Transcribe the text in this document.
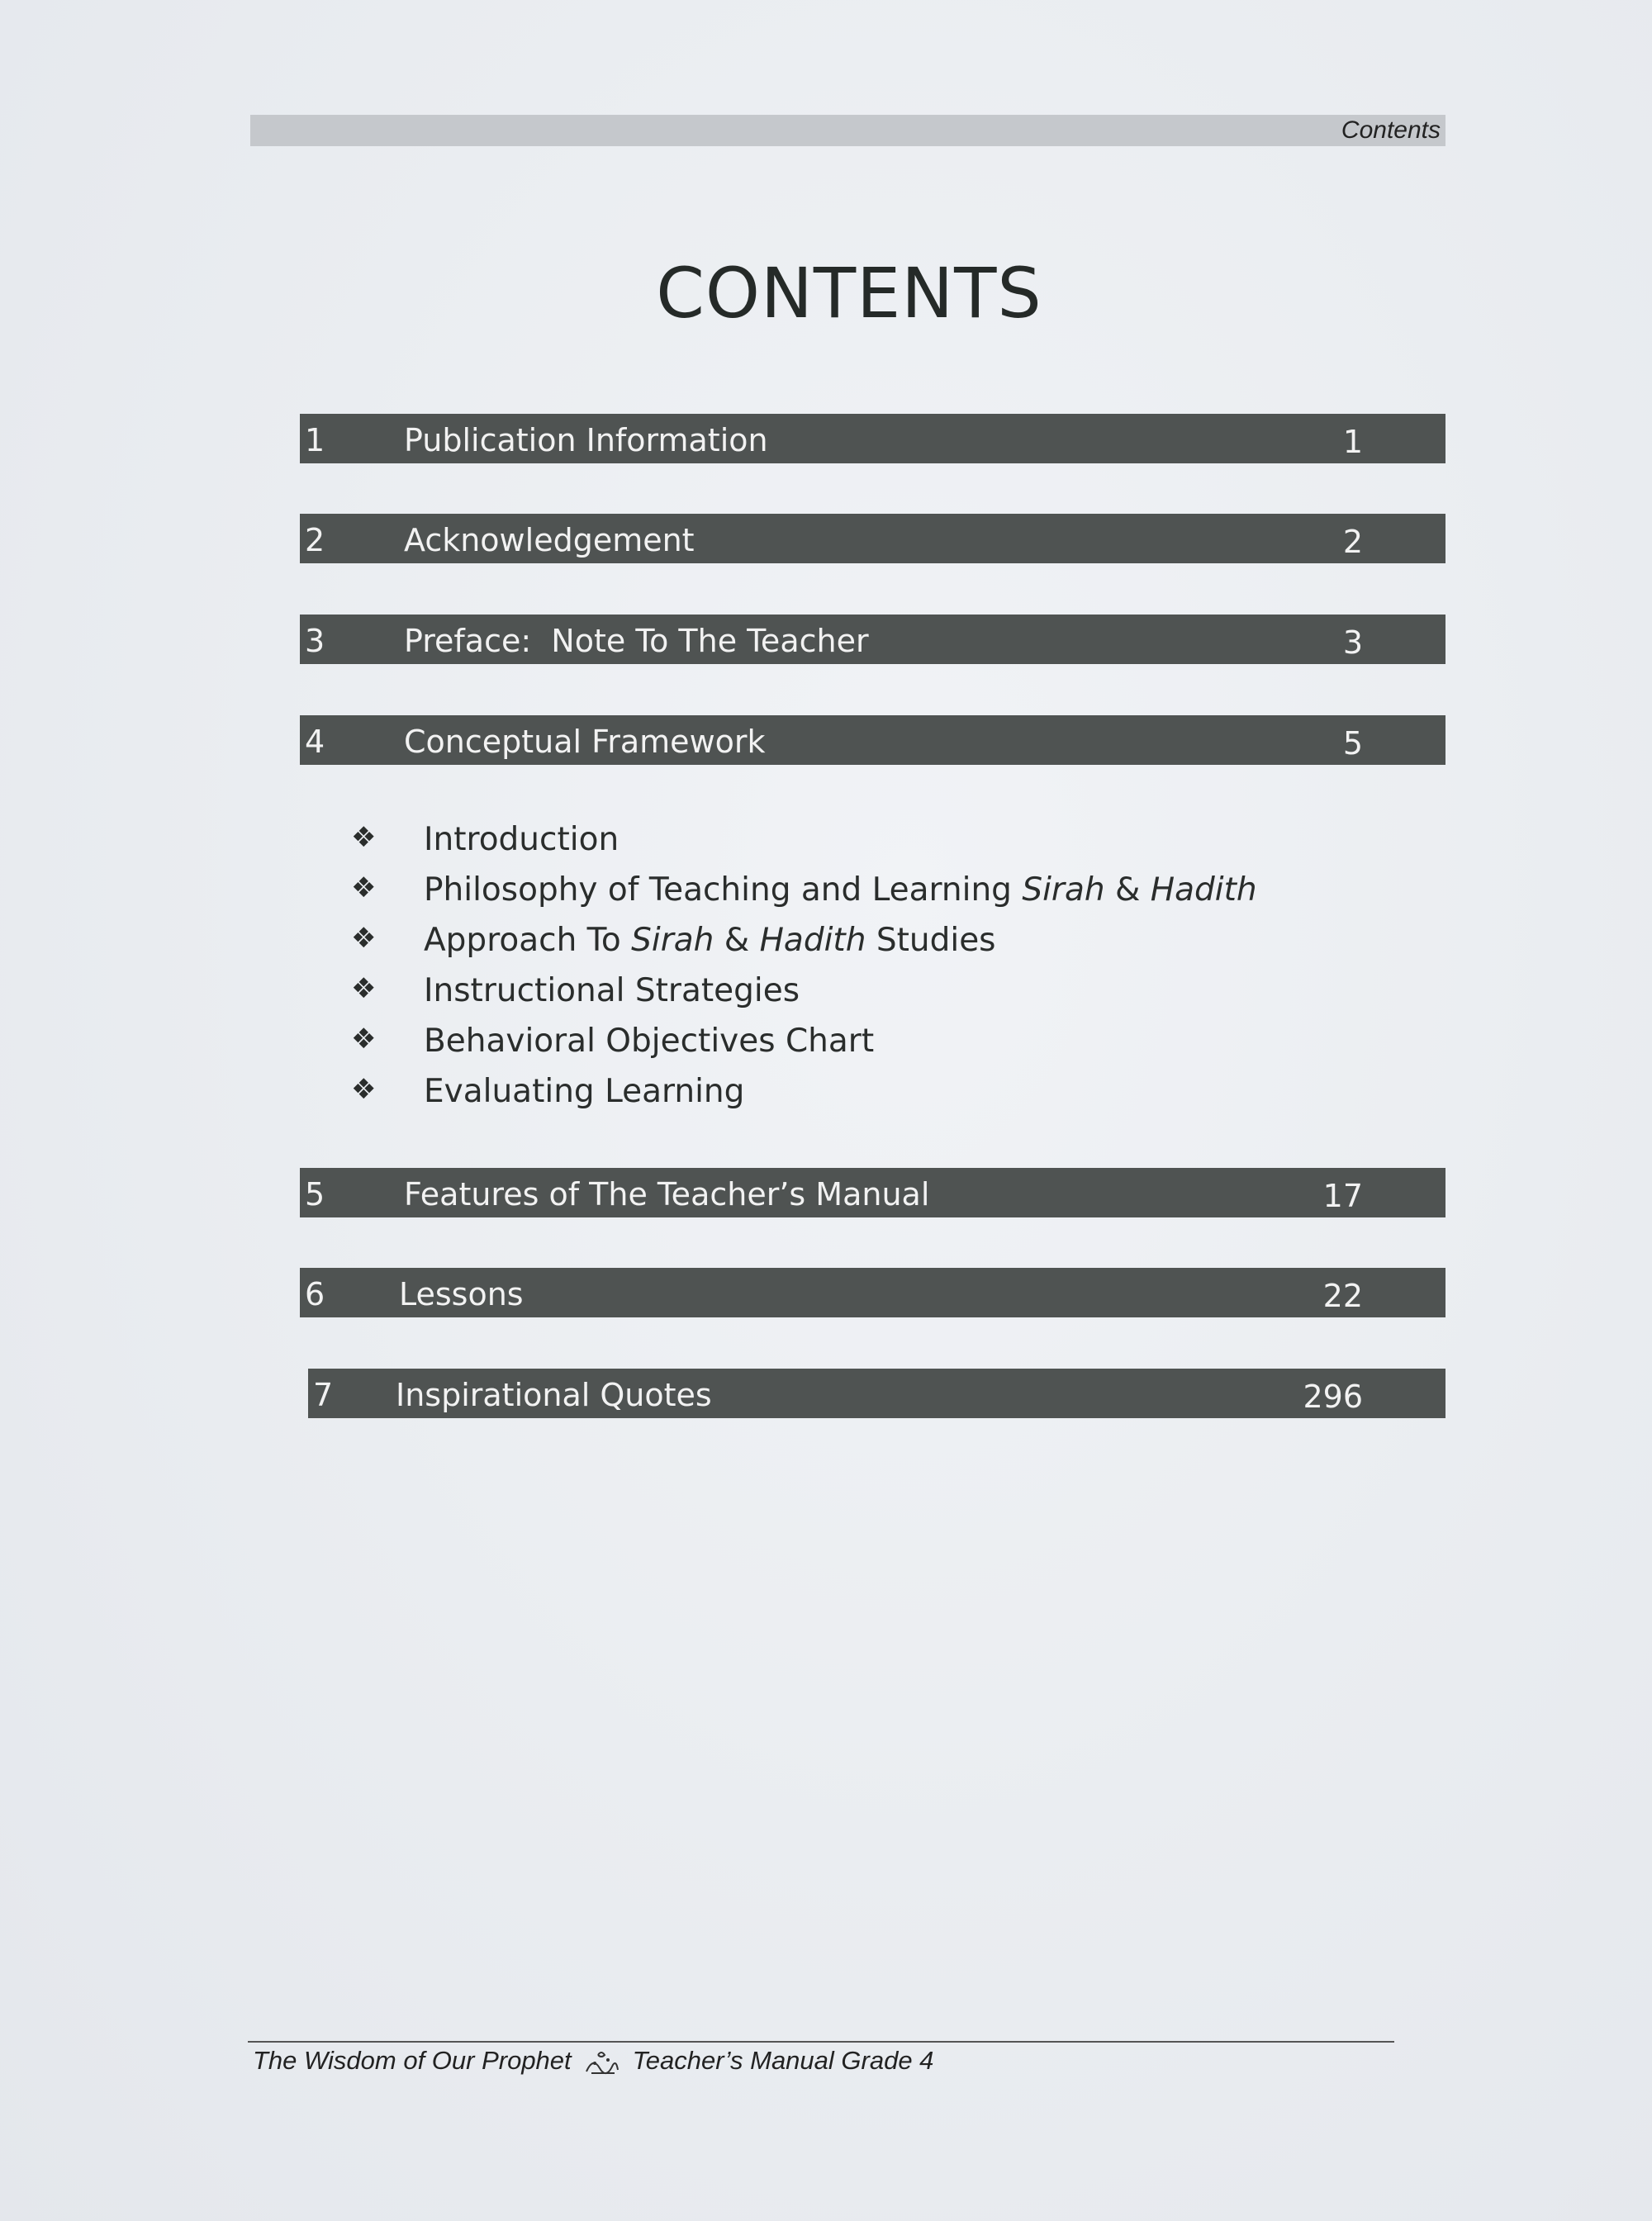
Contents
CONTENTS
1	Publication Information	1
2	Acknowledgement	2
3	Preface:  Note To The Teacher	3
4	Conceptual Framework	5
❖ Introduction
❖ Philosophy of Teaching and Learning Sirah & Hadith
❖ Approach To Sirah & Hadith Studies
❖ Instructional Strategies
❖ Behavioral Objectives Chart
❖ Evaluating Learning
5	Features of The Teacher’s Manual	17
6 Lessons	22
7 Inspirational Quotes	296
The Wisdom of Our Prophet Teacher’s Manual Grade 4
